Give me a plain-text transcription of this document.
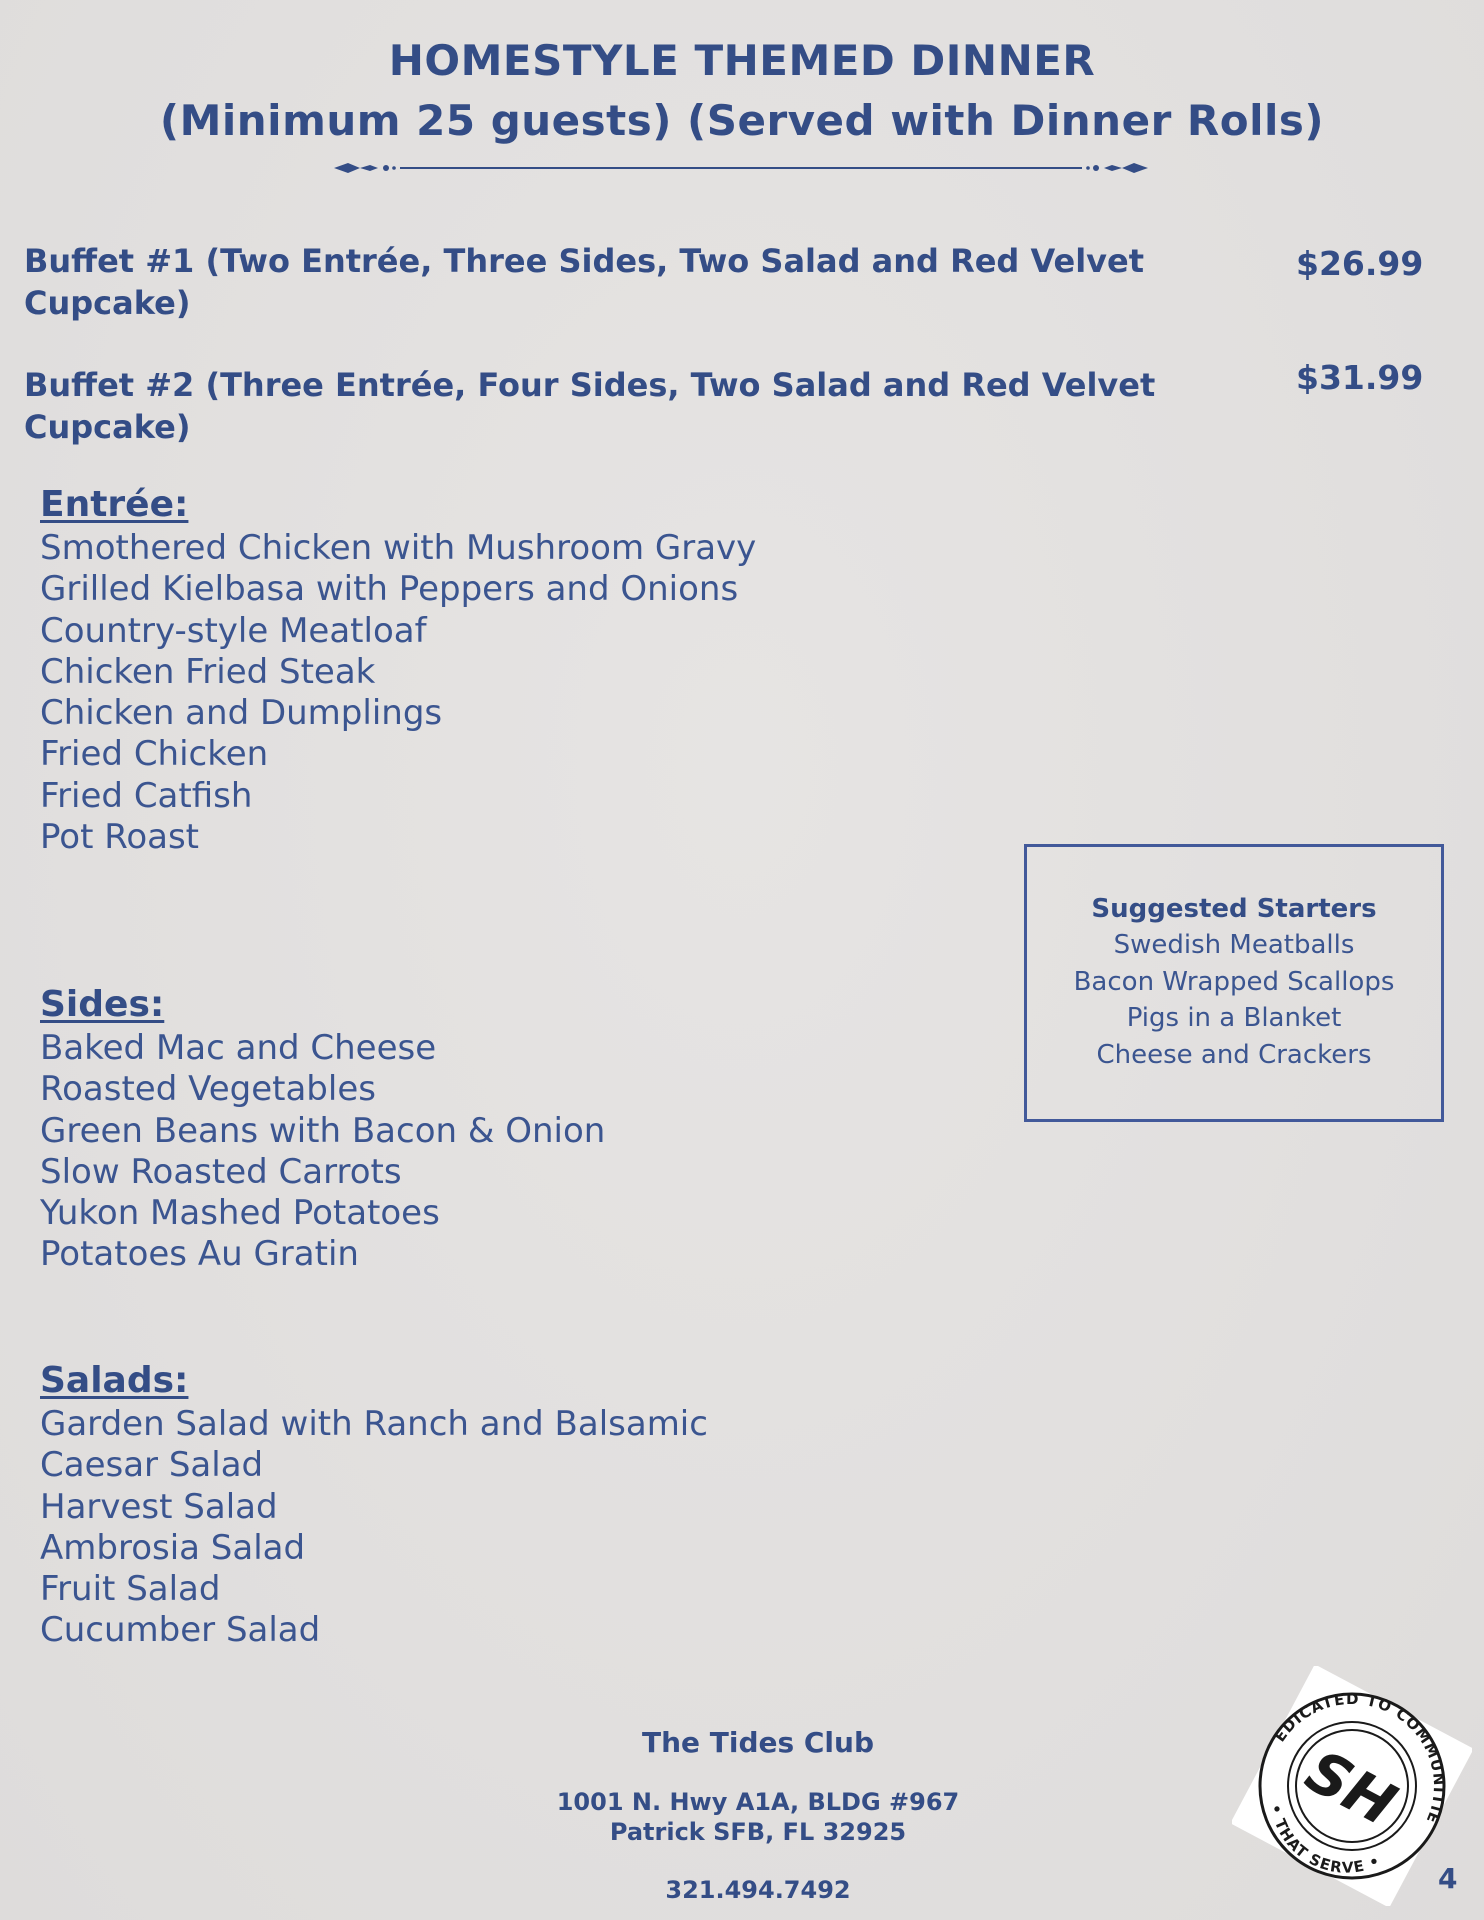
HOMESTYLE THEMED DINNER
(Minimum 25 guests) (Served with Dinner Rolls)
Buffet #1 (Two Entrée, Three Sides, Two Salad and Red Velvet
Cupcake)
$26.99
Buffet #2 (Three Entrée, Four Sides, Two Salad and Red Velvet
Cupcake)
$31.99
Entrée:
Smothered Chicken with Mushroom Gravy
Grilled Kielbasa with Peppers and Onions
Country-style Meatloaf
Chicken Fried Steak
Chicken and Dumplings
Fried Chicken
Fried Catfish
Pot Roast
Sides:
Baked Mac and Cheese
Roasted Vegetables
Green Beans with Bacon & Onion
Slow Roasted Carrots
Yukon Mashed Potatoes
Potatoes Au Gratin
Salads:
Garden Salad with Ranch and Balsamic
Caesar Salad
Harvest Salad
Ambrosia Salad
Fruit Salad
Cucumber Salad
Suggested Starters
Swedish Meatballs
Bacon Wrapped Scallops
Pigs in a Blanket
Cheese and Crackers
The Tides Club
1001 N. Hwy A1A, BLDG #967
Patrick SFB, FL 32925
321.494.7492
DEDICATED TO COMMUNITIES
• THAT SERVE •
SH
4
